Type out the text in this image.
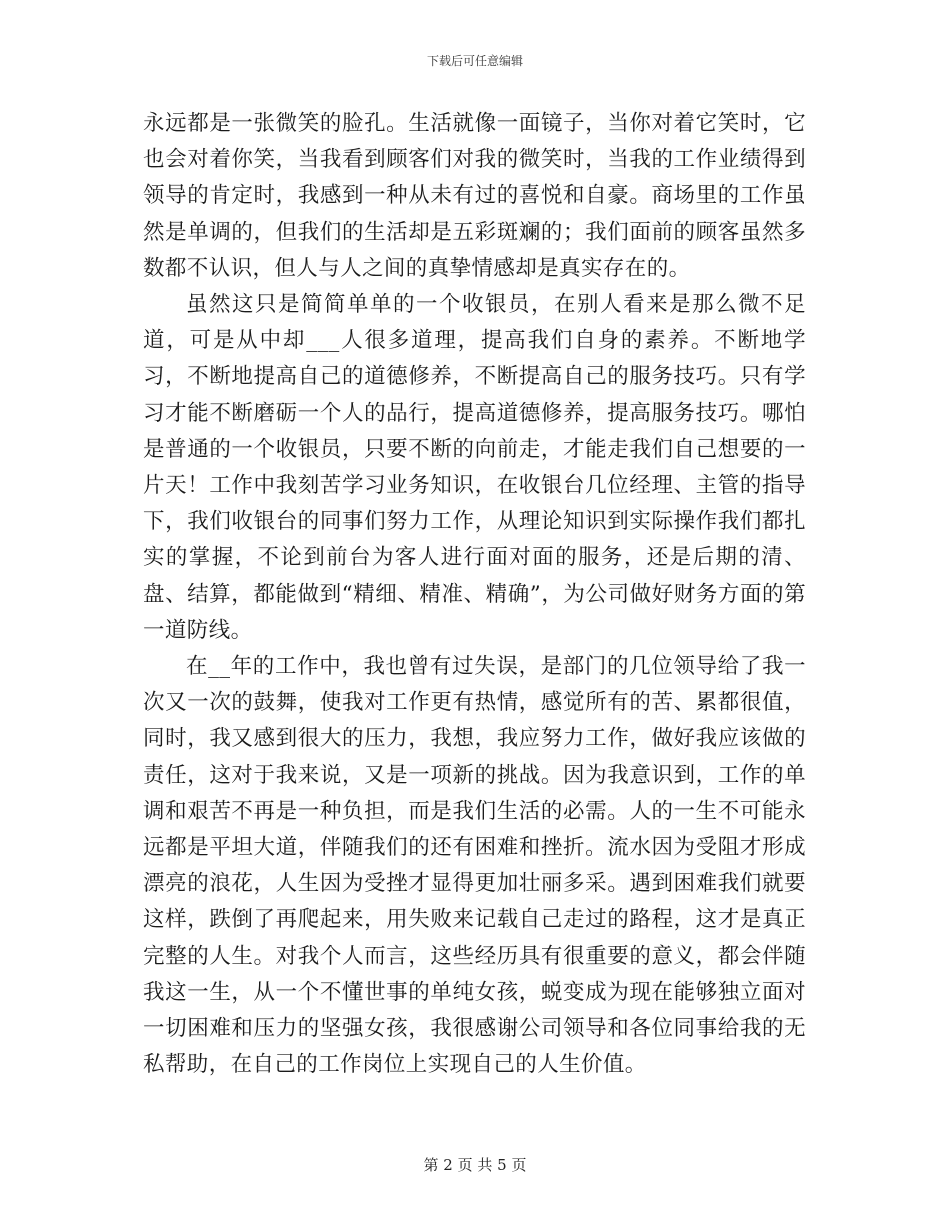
下载后可任意编辑

永远都是一张微笑的脸孔。生活就像一面镜子，当你对着它笑时，它也会对着你笑，当我看到顾客们对我的微笑时，当我的工作业绩得到领导的肯定时，我感到一种从未有过的喜悦和自豪。商场里的工作虽然是单调的，但我们的生活却是五彩斑斓的；我们面前的顾客虽然多数都不认识，但人与人之间的真挚情感却是真实存在的。

虽然这只是简简单单的一个收银员，在别人看来是那么微不足道，可是从中却___人很多道理，提高我们自身的素养。不断地学习，不断地提高自己的道德修养，不断提高自己的服务技巧。只有学习才能不断磨砺一个人的品行，提高道德修养，提高服务技巧。哪怕是普通的一个收银员，只要不断的向前走，才能走我们自己想要的一片天！工作中我刻苦学习业务知识，在收银台几位经理、主管的指导下，我们收银台的同事们努力工作，从理论知识到实际操作我们都扎实的掌握，不论到前台为客人进行面对面的服务，还是后期的清、盘、结算，都能做到“精细、精准、精确”，为公司做好财务方面的第一道防线。

在__年的工作中，我也曾有过失误，是部门的几位领导给了我一次又一次的鼓舞，使我对工作更有热情，感觉所有的苦、累都很值，同时，我又感到很大的压力，我想，我应努力工作，做好我应该做的责任，这对于我来说，又是一项新的挑战。因为我意识到，工作的单调和艰苦不再是一种负担，而是我们生活的必需。人的一生不可能永远都是平坦大道，伴随我们的还有困难和挫折。流水因为受阻才形成漂亮的浪花，人生因为受挫才显得更加壮丽多采。遇到困难我们就要这样，跌倒了再爬起来，用失败来记载自己走过的路程，这才是真正完整的人生。对我个人而言，这些经历具有很重要的意义，都会伴随我这一生，从一个不懂世事的单纯女孩，蜕变成为现在能够独立面对一切困难和压力的坚强女孩，我很感谢公司领导和各位同事给我的无私帮助，在自己的工作岗位上实现自己的人生价值。

第 2 页 共 5 页
